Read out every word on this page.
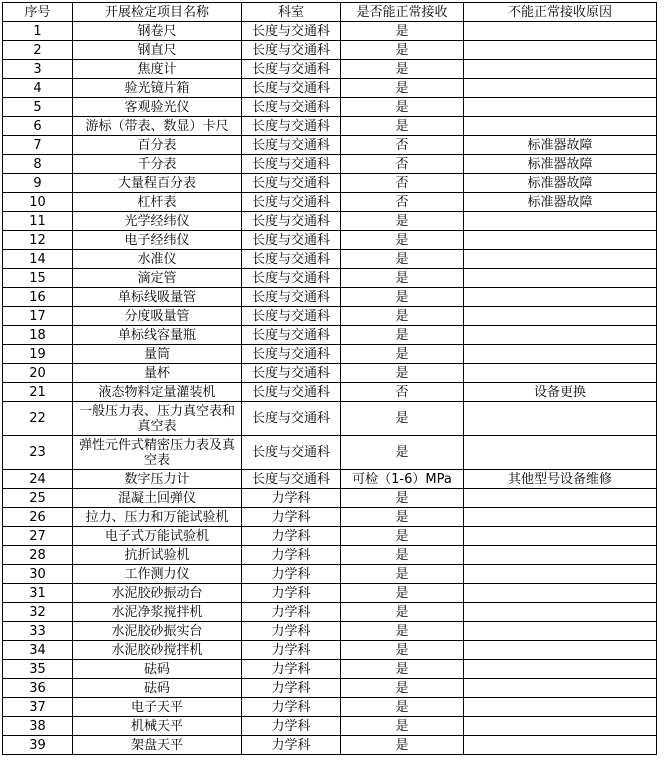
序号	开展检定项目名称	科室	是否能正常接收	不能正常接收原因
1	钢卷尺	长度与交通科	是	
2	钢直尺	长度与交通科	是	
3	焦度计	长度与交通科	是	
4	验光镜片箱	长度与交通科	是	
5	客观验光仪	长度与交通科	是	
6	游标（带表、数显）卡尺	长度与交通科	是	
7	百分表	长度与交通科	否	标准器故障
8	千分表	长度与交通科	否	标准器故障
9	大量程百分表	长度与交通科	否	标准器故障
10	杠杆表	长度与交通科	否	标准器故障
11	光学经纬仪	长度与交通科	是	
12	电子经纬仪	长度与交通科	是	
14	水准仪	长度与交通科	是	
15	滴定管	长度与交通科	是	
16	单标线吸量管	长度与交通科	是	
17	分度吸量管	长度与交通科	是	
18	单标线容量瓶	长度与交通科	是	
19	量筒	长度与交通科	是	
20	量杯	长度与交通科	是	
21	液态物料定量灌装机	长度与交通科	否	设备更换
22	一般压力表、压力真空表和真空表	长度与交通科	是	
23	弹性元件式精密压力表及真空表	长度与交通科	是	
24	数字压力计	长度与交通科	可检（1-6）MPa	其他型号设备维修
25	混凝土回弹仪	力学科	是	
26	拉力、压力和万能试验机	力学科	是	
27	电子式万能试验机	力学科	是	
28	抗折试验机	力学科	是	
30	工作测力仪	力学科	是	
31	水泥胶砂振动台	力学科	是	
32	水泥净浆搅拌机	力学科	是	
33	水泥胶砂振实台	力学科	是	
34	水泥胶砂搅拌机	力学科	是	
35	砝码	力学科	是	
36	砝码	力学科	是	
37	电子天平	力学科	是	
38	机械天平	力学科	是	
39	架盘天平	力学科	是	
